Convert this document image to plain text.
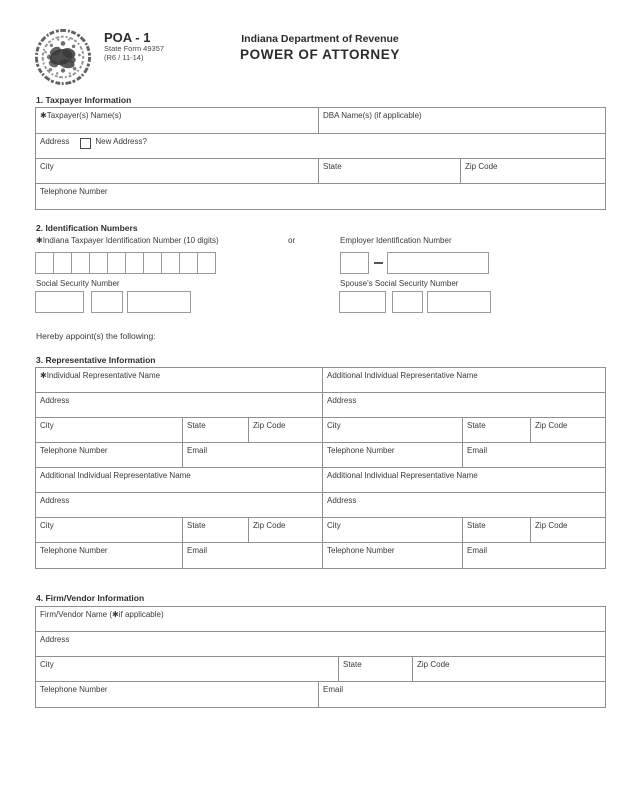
POA - 1
State Form 49357
(R6 / 11-14)
Indiana Department of Revenue
POWER OF ATTORNEY
1. Taxpayer Information
✱Taxpayer(s) Name(s)	DBA Name(s) (if applicable)
Address	New Address?
City	State	Zip Code
Telephone Number
2. Identification Numbers
✱Indiana Taxpayer Identification Number (10 digits)	or	Employer Identification Number
Social Security Number	Spouse's Social Security Number
Hereby appoint(s) the following:
3. Representative Information
✱Individual Representative Name	Additional Individual Representative Name
Address	Address
City	State	Zip Code	City	State	Zip Code
Telephone Number	Email	Telephone Number	Email
Additional Individual Representative Name	Additional Individual Representative Name
Address	Address
City	State	Zip Code	City	State	Zip Code
Telephone Number	Email	Telephone Number	Email
4. Firm/Vendor Information
Firm/Vendor Name (✱if applicable)
Address
City	State	Zip Code
Telephone Number	Email
